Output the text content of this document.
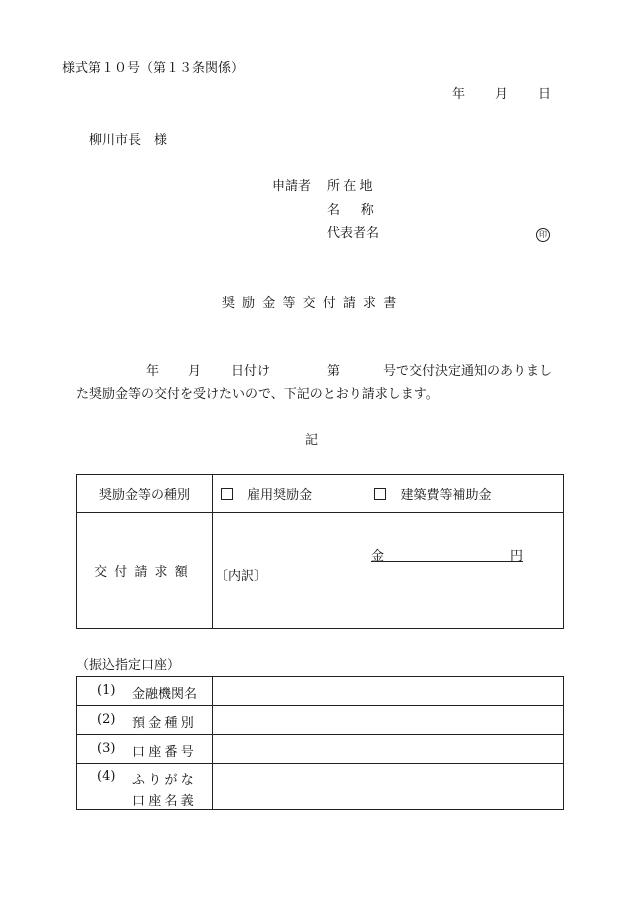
様式第１０号（第１３条関係）
年 月 日
柳川市長　様
申請者 所在地
名称
代表者名	印
奨励金等交付請求書
年 月 日付け	第	号で交付決定通知のありまし
た奨励金等の交付を受けたいので、下記のとおり請求します。
記
奨励金等の種別	雇用奨励金 建築費等補助金
交付請求額	金 円
〔内訳〕
（振込指定口座）
(1) 金融機関名	

(2) 預金種別	

(3) 口座番号	

(4) ふりがな
口座名義	
